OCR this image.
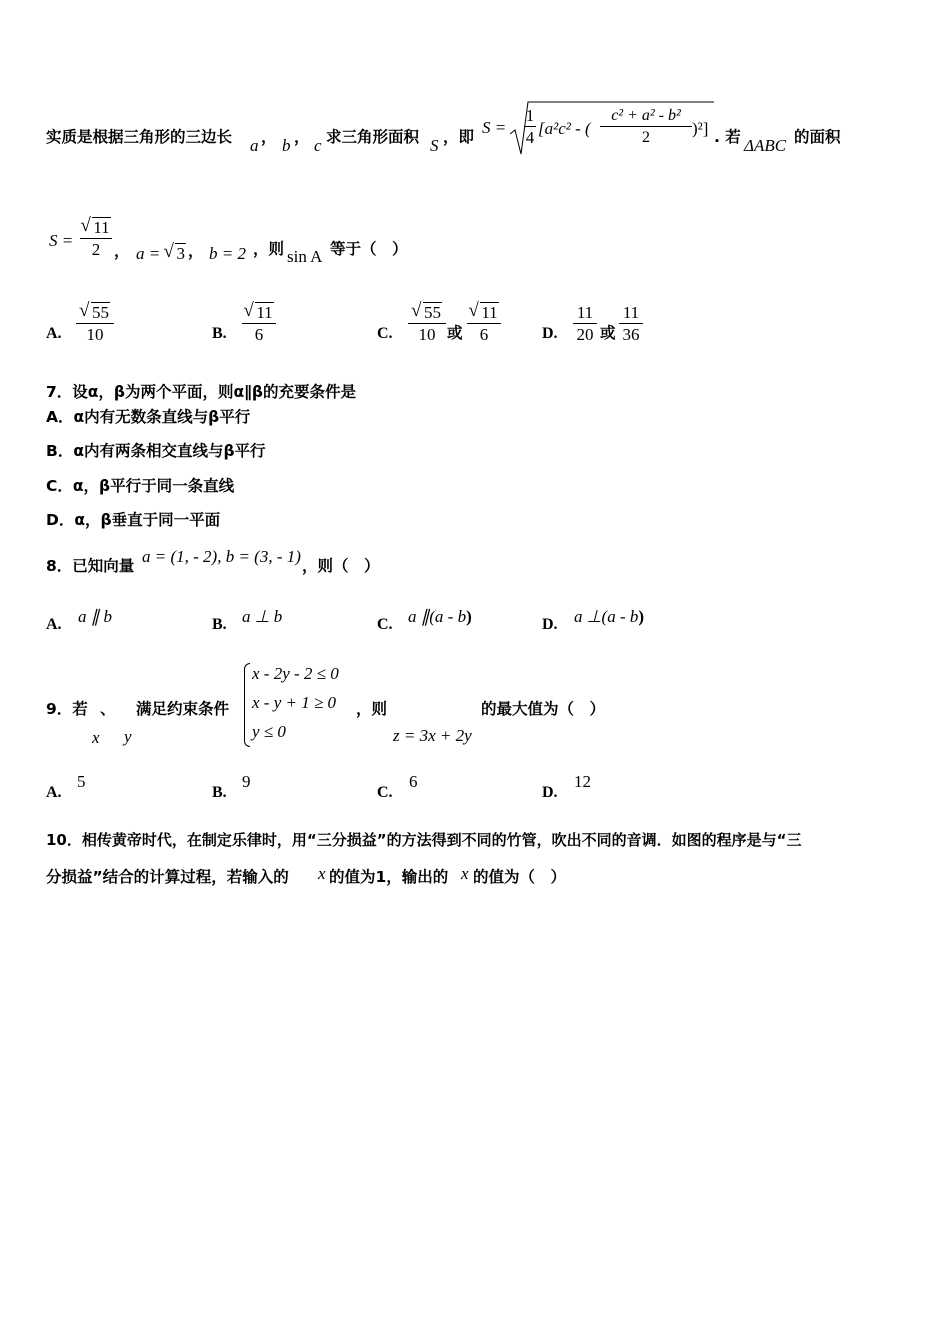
实质是根据三角形的三边长 a ， b ， c 求三角形面积 S ，即 S =
1
4 [a²c² - (
c² + a² - b²
2	)²] . 若 ΔABC 的面积
S =
√ 11
2 ， a = √ 3 ， b = 2 ，则 sin A 等于（　）
A.
√ 55
10	B.
√ 11
6	C.
√ 55
10 或
√ 11
6	D.
11
20 或
11
36
7．设α，β为两个平面，则α∥β的充要条件是
A．α内有无数条直线与β平行
B．α内有两条相交直线与β平行
C．α，β平行于同一条直线
D．α，β垂直于同一平面
8．已知向量 a = (1, - 2), b = (3, - 1) ，则（　）
A. a ∥ b	B. a ⊥ b	C. a ∥(a - b)	D. a ⊥(a - b)
9．若
x
、
y
满足约束条件
x - 2y - 2 ≤ 0
x - y + 1 ≥ 0
y ≤ 0
，则
z = 3x + 2y
的最大值为（　）
A.
5
B.
9
C.
6
D.
12
10．相传黄帝时代，在制定乐律时，用“三分损益”的方法得到不同的竹管，吹出不同的音调．如图的程序是与“三
分损益”结合的计算过程，若输入的 x 的值为1，输出的 x 的值为（　）
